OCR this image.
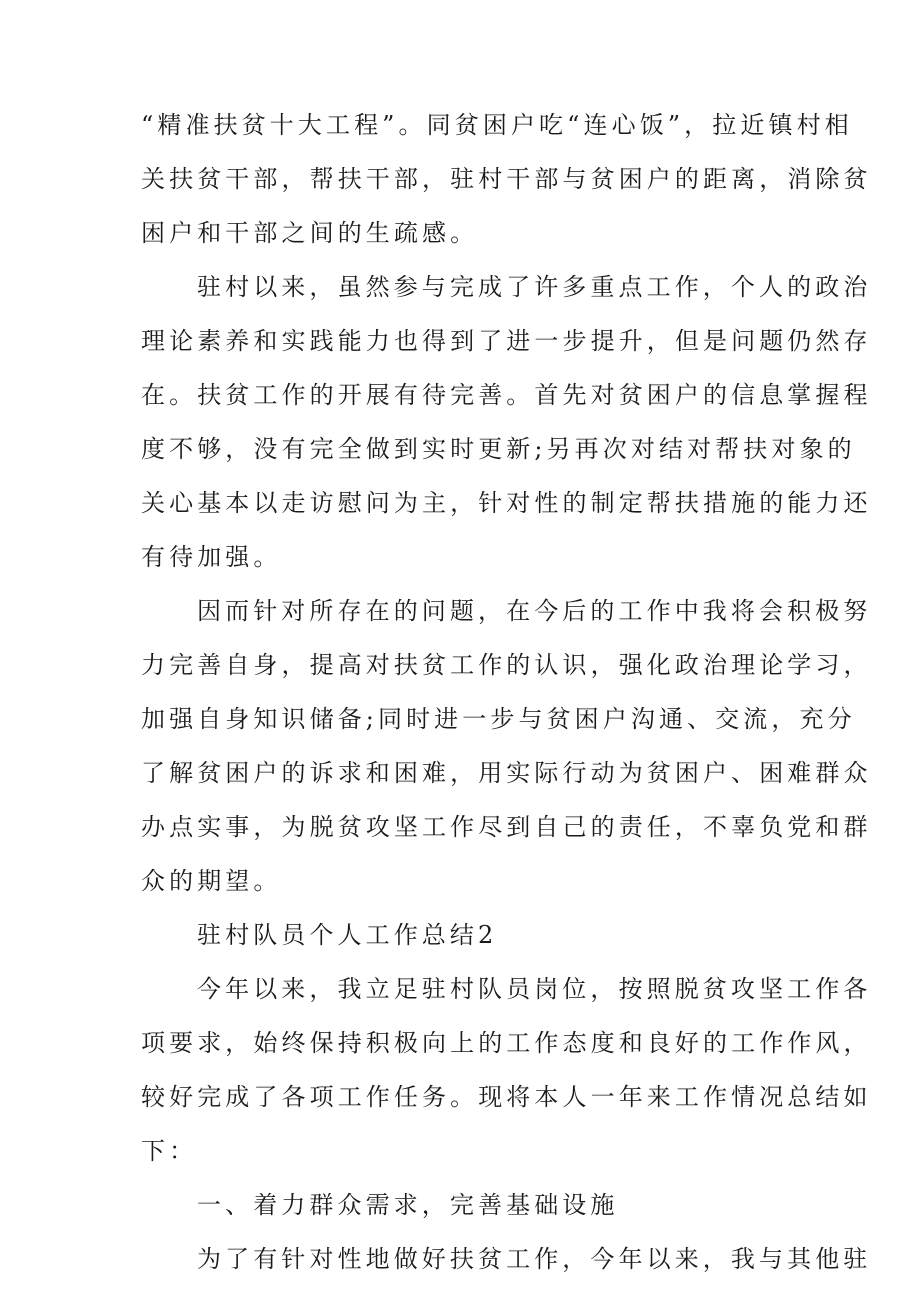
“精准扶贫十大工程”。同贫困户吃“连心饭”，拉近镇村相
关扶贫干部，帮扶干部，驻村干部与贫困户的距离，消除贫
困户和干部之间的生疏感。
驻村以来，虽然参与完成了许多重点工作，个人的政治
理论素养和实践能力也得到了进一步提升，但是问题仍然存
在。扶贫工作的开展有待完善。首先对贫困户的信息掌握程
度不够，没有完全做到实时更新;另再次对结对帮扶对象的
关心基本以走访慰问为主，针对性的制定帮扶措施的能力还
有待加强。
因而针对所存在的问题，在今后的工作中我将会积极努
力完善自身，提高对扶贫工作的认识，强化政治理论学习，
加强自身知识储备;同时进一步与贫困户沟通、交流，充分
了解贫困户的诉求和困难，用实际行动为贫困户、困难群众
办点实事，为脱贫攻坚工作尽到自己的责任，不辜负党和群
众的期望。
驻村队员个人工作总结2
今年以来，我立足驻村队员岗位，按照脱贫攻坚工作各
项要求，始终保持积极向上的工作态度和良好的工作作风，
较好完成了各项工作任务。现将本人一年来工作情况总结如
下：
一、着力群众需求，完善基础设施
为了有针对性地做好扶贫工作，今年以来，我与其他驻
